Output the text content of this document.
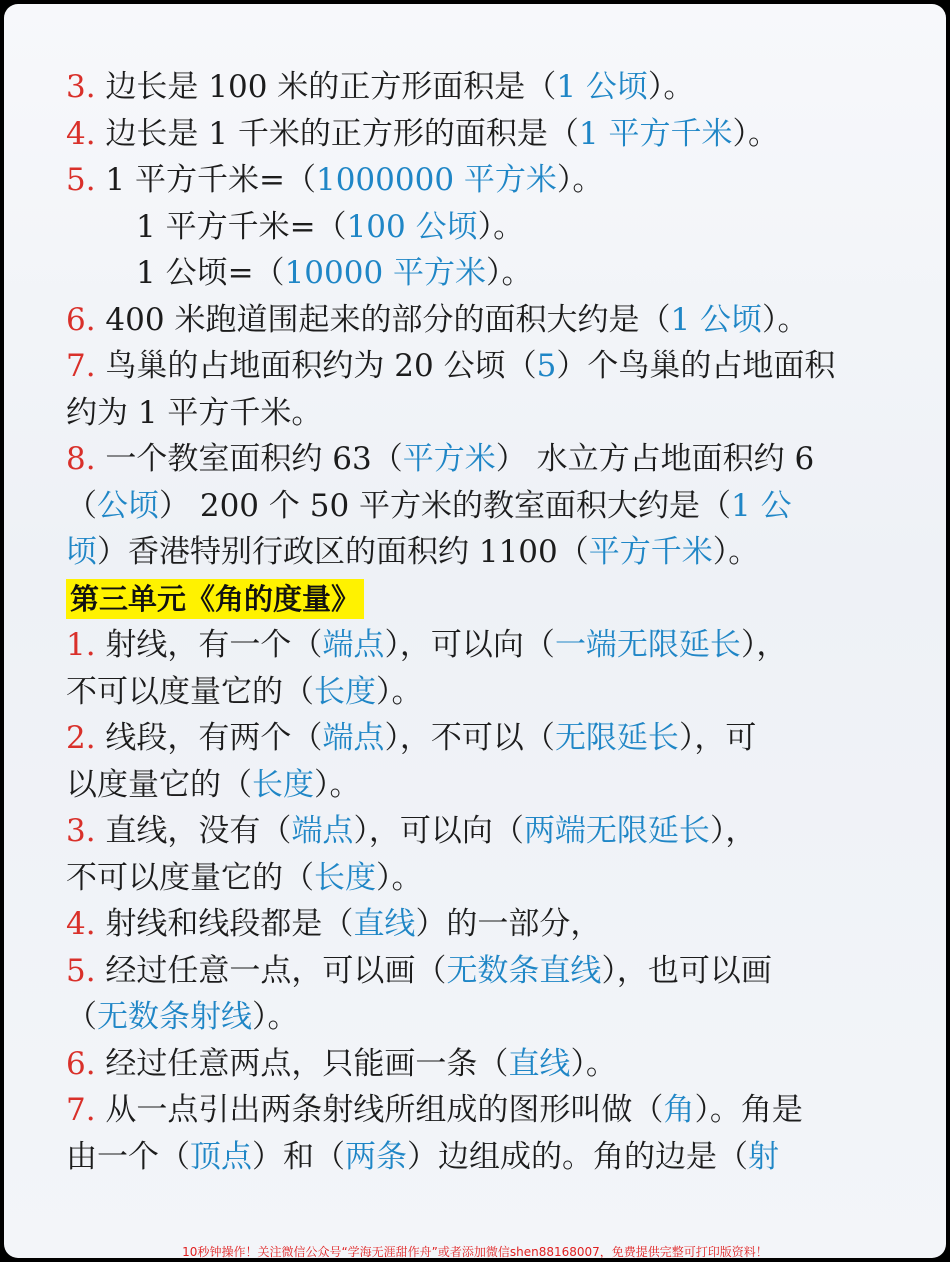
3. 边长是 100 米的正方形面积是（1 公顷）。
4. 边长是 1 千米的正方形的面积是（1 平方千米）。
5. 1 平方千米=（1000000 平方米）。
1 平方千米=（100 公顷）。
1 公顷=（10000 平方米）。
6. 400 米跑道围起来的部分的面积大约是（1 公顷）。
7. 鸟巢的占地面积约为 20 公顷（5）个鸟巢的占地面积
约为 1 平方千米。
8. 一个教室面积约 63（平方米） 水立方占地面积约 6
（公顷） 200 个 50 平方米的教室面积大约是（1 公
顷）香港特别行政区的面积约 1100（平方千米）。
第三单元《角的度量》
1. 射线，有一个（端点），可以向（一端无限延长），
不可以度量它的（长度）。
2. 线段，有两个（端点），不可以（无限延长），可
以度量它的（长度）。
3. 直线，没有（端点），可以向（两端无限延长），
不可以度量它的（长度）。
4. 射线和线段都是（直线）的一部分，
5. 经过任意一点，可以画（无数条直线），也可以画
（无数条射线）。
6. 经过任意两点，只能画一条（直线）。
7. 从一点引出两条射线所组成的图形叫做（角）。角是
由一个（顶点）和（两条）边组成的。角的边是（射
10秒钟操作！关注微信公众号“学海无涯甜作舟”或者添加微信shen88168007，免费提供完整可打印版资料！
